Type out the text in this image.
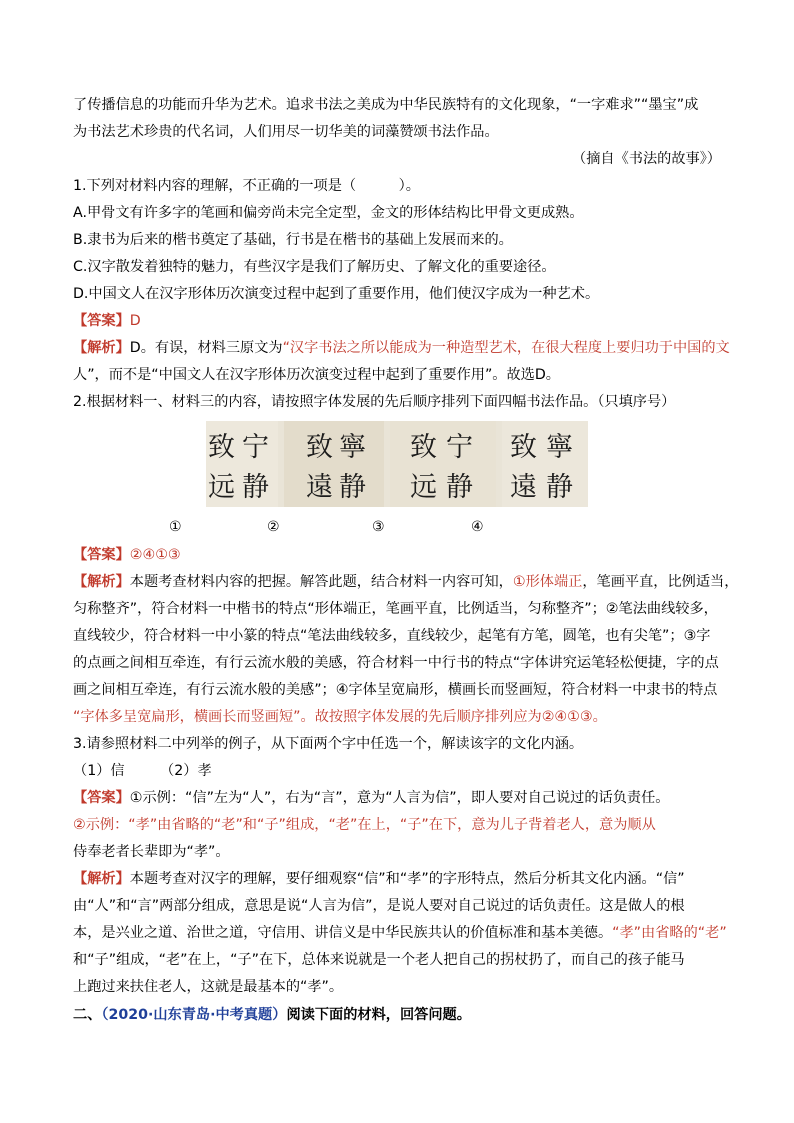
了传播信息的功能而升华为艺术。追求书法之美成为中华民族特有的文化现象，“一字难求”“墨宝”成
为书法艺术珍贵的代名词，人们用尽一切华美的词藻赞颂书法作品。
（摘自《书法的故事》）
1.下列对材料内容的理解，不正确的一项是（　　　）。
A.甲骨文有许多字的笔画和偏旁尚未完全定型，金文的形体结构比甲骨文更成熟。
B.隶书为后来的楷书奠定了基础，行书是在楷书的基础上发展而来的。
C.汉字散发着独特的魅力，有些汉字是我们了解历史、了解文化的重要途径。
D.中国文人在汉字形体历次演变过程中起到了重要作用，他们使汉字成为一种艺术。
【答案】D
【解析】D。有误，材料三原文为“汉字书法之所以能成为一种造型艺术，在很大程度上要归功于中国的文
人”，而不是“中国文人在汉字形体历次演变过程中起到了重要作用”。故选D。
2.根据材料一、材料三的内容，请按照字体发展的先后顺序排列下面四幅书法作品。（只填序号）
致 宁
远 静
致 寧
遠 静
致 宁
远 静
致 寧
遠 静
①	②	③	④
【答案】②④①③
【解析】本题考查材料内容的把握。解答此题，结合材料一内容可知，①形体端正，笔画平直，比例适当，
匀称整齐”，符合材料一中楷书的特点“形体端正，笔画平直，比例适当，匀称整齐”；②笔法曲线较多，
直线较少，符合材料一中小篆的特点“笔法曲线较多，直线较少，起笔有方笔，圆笔，也有尖笔”；③字
的点画之间相互牵连，有行云流水般的美感，符合材料一中行书的特点“字体讲究运笔轻松便捷，字的点
画之间相互牵连，有行云流水般的美感”；④字体呈宽扁形，横画长而竖画短，符合材料一中隶书的特点
“字体多呈宽扁形，横画长而竖画短”。故按照字体发展的先后顺序排列应为②④①③。
3.请参照材料二中列举的例子，从下面两个字中任选一个，解读该字的文化内涵。
（1）信　　　（2）孝
【答案】①示例：“信”左为“人”，右为“言”，意为“人言为信”，即人要对自己说过的话负责任。
②示例：“孝”由省略的“老”和“子”组成，“老”在上，“子”在下，意为儿子背着老人，意为顺从
侍奉老者长辈即为“孝”。
【解析】本题考查对汉字的理解，要仔细观察“信”和“孝”的字形特点，然后分析其文化内涵。“信”
由“人”和“言”两部分组成，意思是说“人言为信”，是说人要对自己说过的话负责任。这是做人的根
本，是兴业之道、治世之道，守信用、讲信义是中华民族共认的价值标准和基本美德。“孝”由省略的“老”
和“子”组成，“老”在上，“子”在下，总体来说就是一个老人把自己的拐杖扔了，而自己的孩子能马
上跑过来扶住老人，这就是最基本的“孝”。
二、（2020·山东青岛·中考真题）阅读下面的材料，回答问题。
